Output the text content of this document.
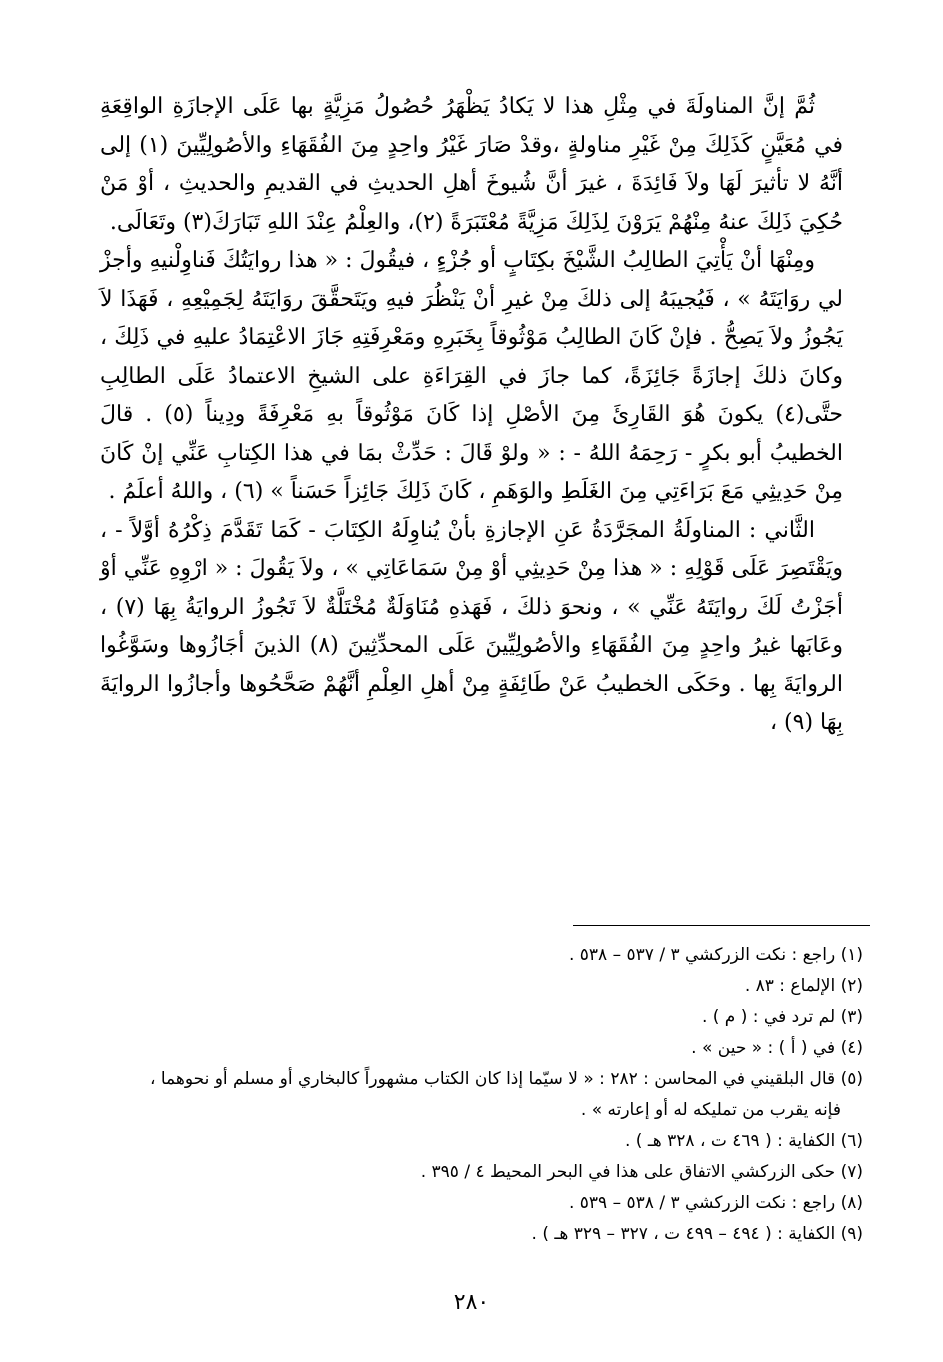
ثُمَّ إنَّ المناولَةَ في مِثْلِ هذا لا يَكادُ يَظْهَرُ حُصُولُ مَزِيَّةٍ بها عَلَى الإجازَةِ الواقِعَةِ في مُعَيَّنٍ كَذَلِكَ مِنْ غَيْرِ مناولةٍ ،وقدْ صَارَ غَيْرُ واحِدٍ مِنَ الفُقَهَاءِ والأصُولِيِّينَ (١) إلى أنَّهُ لا تأثيرَ لَهَا ولاَ فَائِدَةَ ، غيرَ أنَّ شُيوخَ أهلِ الحديثِ في القديمِ والحديثِ ، أوْ مَنْ حُكِيَ ذَلِكَ عنهُ مِنْهُمْ يَرَوْنَ لِذَلِكَ مَزِيَّةً مُعْتَبَرَةً (٢)، والعِلْمُ عِنْدَ اللهِ تَبَارَكَ(٣) وتَعَالَى.

ومِنْهَا أنْ يَأْتِيَ الطالِبُ الشَّيْخَ بكِتَابٍ أو جُزْءٍ ، فيقُولَ : « هذا روايَتُكَ فَناوِلْنيهِ وأجزْ لي روَايَتَهُ » ، فَيُجيبَهُ إلى ذلكَ مِنْ غيرِ أنْ يَنْظُرَ فيهِ ويَتَحقَّقَ روَايَتَهُ لِجَمِيْعِهِ ، فَهَذَا لاَ يَجُوزُ ولاَ يَصِحُّ . فإنْ كَانَ الطالِبُ مَوْثُوقاً بِخَبَرِهِ ومَعْرِفَتِهِ جَازَ الاعْتِمَادُ عليهِ في ذَلِكَ ، وكانَ ذلكَ إجازَةً جَائِزَةً، كما جازَ في القِرَاءَةِ على الشيخِ الاعتمادُ عَلَى الطالِبِ حتَّى(٤) يكونَ هُوَ القَارِئَ مِنَ الأصْلِ إذا كَانَ مَوْثُوقاً بهِ مَعْرِفَةً ودِيناً (٥) . قالَ الخطيبُ أبو بكرٍ - رَحِمَهُ اللهُ - : « ولوْ قَالَ : حَدِّثْ بمَا في هذا الكِتابِ عَنِّي إنْ كَانَ مِنْ حَدِيثِي مَعَ بَرَاءَتِي مِنَ الغَلَطِ والوَهَمِ ، كَانَ ذَلِكَ جَائِزاً حَسَناً » (٦) ، واللهُ أعلَمُ .

الثَّاني : المناولَةُ المجَرَّدَةُ عَنِ الإجازةِ بأنْ يُناوِلَهُ الكِتَابَ - كَمَا تَقَدَّمَ ذِكْرُهُ أوَّلاً - ، ويَقْتَصِرَ عَلَى قَوْلِهِ : « هذا مِنْ حَدِيثِي أوْ مِنْ سَمَاعَاتِي » ، ولاَ يَقُولَ : « ارْوِهِ عَنِّي أوْ أجَزْتُ لَكَ روايَتَهُ عَنِّي » ، ونحوَ ذلكَ ، فَهَذهِ مُنَاوَلَةٌ مُخْتَلَّةٌ لاَ تَجُوزُ الروايَةُ بِهَا (٧) ، وعَابَها غيرُ واحِدٍ مِنَ الفُقَهَاءِ والأصُولِيِّينَ عَلَى المحدِّثِينَ (٨) الذينَ أجَازُوها وسَوَّغُوا الروايَةَ بِها . وحَكَى الخطيبُ عَنْ طَائِفَةٍ مِنْ أهلِ العِلْمِ أنَّهُمْ صَحَّحُوها وأجازُوا الروايَةَ بِهَا (٩) ،

(١) راجع : نكت الزركشي ٣ / ٥٣٧ – ٥٣٨ .

(٢) الإلماع : ٨٣ .

(٣) لم ترد في : ( م ) .

(٤) في ( أ ) : « حين » .

(٥) قال البلقيني في المحاسن : ٢٨٢ : « لا سيّما إذا كان الكتاب مشهوراً كالبخاري أو مسلم أو نحوهما ،

فإنه يقرب من تمليكه له أو إعارته » .

(٦) الكفاية : ( ٤٦٩ ت ، ٣٢٨ هـ ) .

(٧) حكى الزركشي الاتفاق على هذا في البحر المحيط ٤ / ٣٩٥ .

(٨) راجع : نكت الزركشي ٣ / ٥٣٨ – ٥٣٩ .

(٩) الكفاية : ( ٤٩٤ – ٤٩٩ ت ، ٣٢٧ – ٣٢٩ هـ ) .

٢٨٠
